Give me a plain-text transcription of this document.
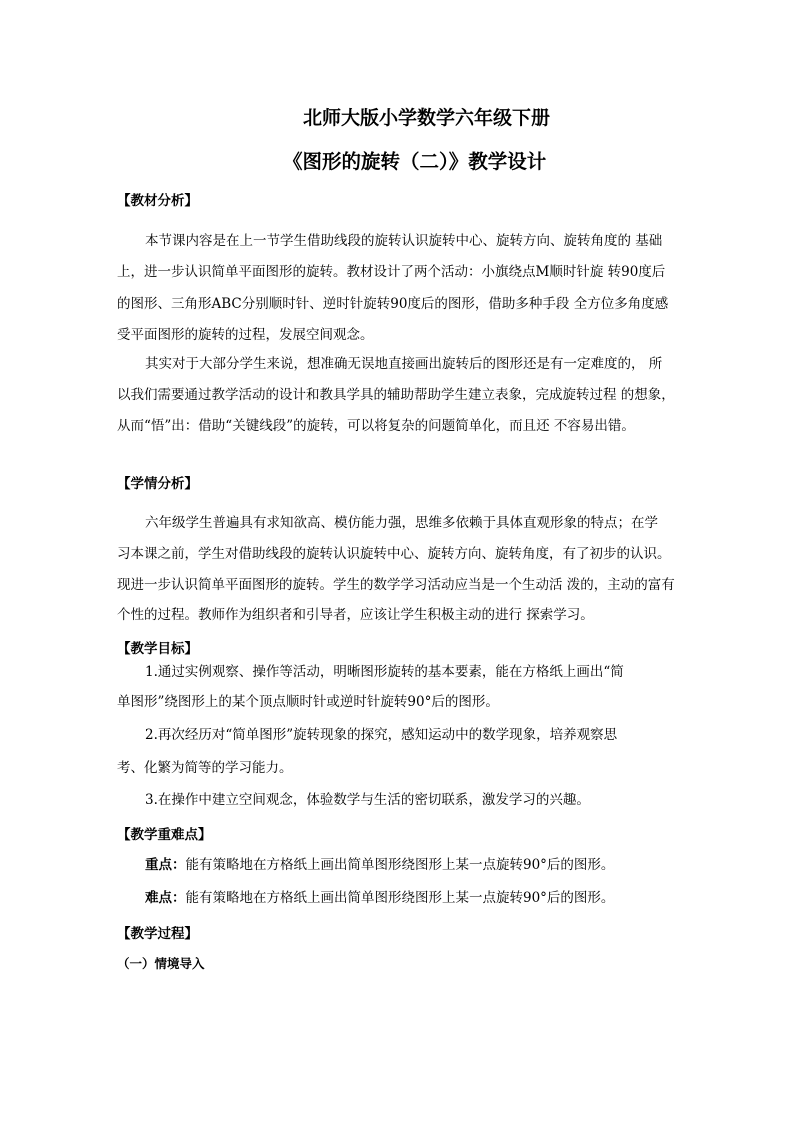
北师大版小学数学六年级下册
《图形的旋转（二）》教学设计
【教材分析】
本节课内容是在上一节学生借助线段的旋转认识旋转中心、旋转方向、旋转角度的 基础
上，进一步认识简单平面图形的旋转。教材设计了两个活动：小旗绕点M顺时针旋 转90度后
的图形、三角形ABC分别顺时针、逆时针旋转90度后的图形，借助多种手段 全方位多角度感
受平面图形的旋转的过程，发展空间观念。
其实对于大部分学生来说，想准确无误地直接画出旋转后的图形还是有一定难度的， 所
以我们需要通过教学活动的设计和教具学具的辅助帮助学生建立表象，完成旋转过程 的想象，
从而“悟”出：借助“关键线段”的旋转，可以将复杂的问题简单化，而且还 不容易出错。
【学情分析】
六年级学生普遍具有求知欲高、模仿能力强，思维多依赖于具体直观形象的特点；在学
习本课之前，学生对借助线段的旋转认识旋转中心、旋转方向、旋转角度，有了初步的认识。
现进一步认识简单平面图形的旋转。学生的数学学习活动应当是一个生动活 泼的，主动的富有
个性的过程。教师作为组织者和引导者，应该让学生积极主动的进行 探索学习。
【教学目标】
1.通过实例观察、操作等活动，明晰图形旋转的基本要素，能在方格纸上画出“简
单图形”绕图形上的某个顶点顺时针或逆时针旋转90°后的图形。
2.再次经历对“简单图形”旋转现象的探究，感知运动中的数学现象，培养观察思
考、化繁为简等的学习能力。
3.在操作中建立空间观念，体验数学与生活的密切联系，激发学习的兴趣。
【教学重难点】
重点：能有策略地在方格纸上画出简单图形绕图形上某一点旋转90°后的图形。
难点：能有策略地在方格纸上画出简单图形绕图形上某一点旋转90°后的图形。
【教学过程】
（一）情境导入
